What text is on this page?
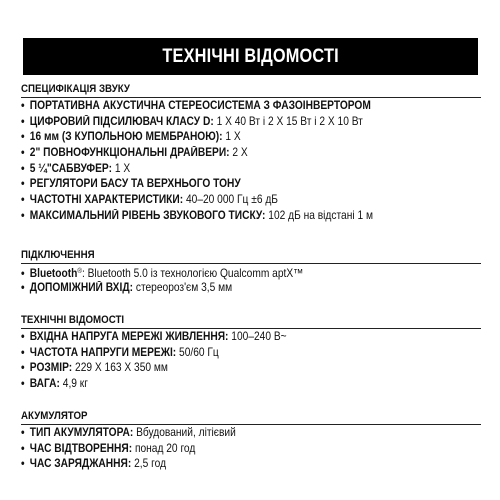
ТЕХНІЧНІ ВІДОМОСТІ
СПЕЦИФІКАЦІЯ ЗВУКУ
• ПОРТАТИВНА АКУСТИЧНА СТЕРЕОСИСТЕМА З ФАЗОІНВЕРТОРОМ
• ЦИФРОВИЙ ПІДСИЛЮВАЧ КЛАСУ D: 1 X 40 Вт і 2 X 15 Вт і 2 X 10 Вт
• 16 мм (З КУПОЛЬНОЮ МЕМБРАНОЮ): 1 X
• 2" ПОВНОФУНКЦІОНАЛЬНІ ДРАЙВЕРИ: 2 X
• 5 ¼"САБВУФЕР: 1 X
• РЕГУЛЯТОРИ БАСУ ТА ВЕРХНЬОГО ТОНУ
• ЧАСТОТНІ ХАРАКТЕРИСТИКИ: 40–20 000 Гц ±6 дБ
• МАКСИМАЛЬНИЙ РІВЕНЬ ЗВУКОВОГО ТИСКУ: 102 дБ на відстані 1 м
ПІДКЛЮЧЕННЯ
• Bluetooth®: Bluetooth 5.0 із технологією Qualcomm aptX™
• ДОПОМІЖНИЙ ВХІД: стереороз'єм 3,5 мм
ТЕХНІЧНІ ВІДОМОСТІ
• ВХІДНА НАПРУГА МЕРЕЖІ ЖИВЛЕННЯ: 100–240 В~
• ЧАСТОТА НАПРУГИ МЕРЕЖІ: 50/60 Гц
• РОЗМІР: 229 X 163 X 350 мм
• ВАГА: 4,9 кг
АКУМУЛЯТОР
• ТИП АКУМУЛЯТОРА: Вбудований, літієвий
• ЧАС ВІДТВОРЕННЯ: понад 20 год
• ЧАС ЗАРЯДЖАННЯ: 2,5 год
